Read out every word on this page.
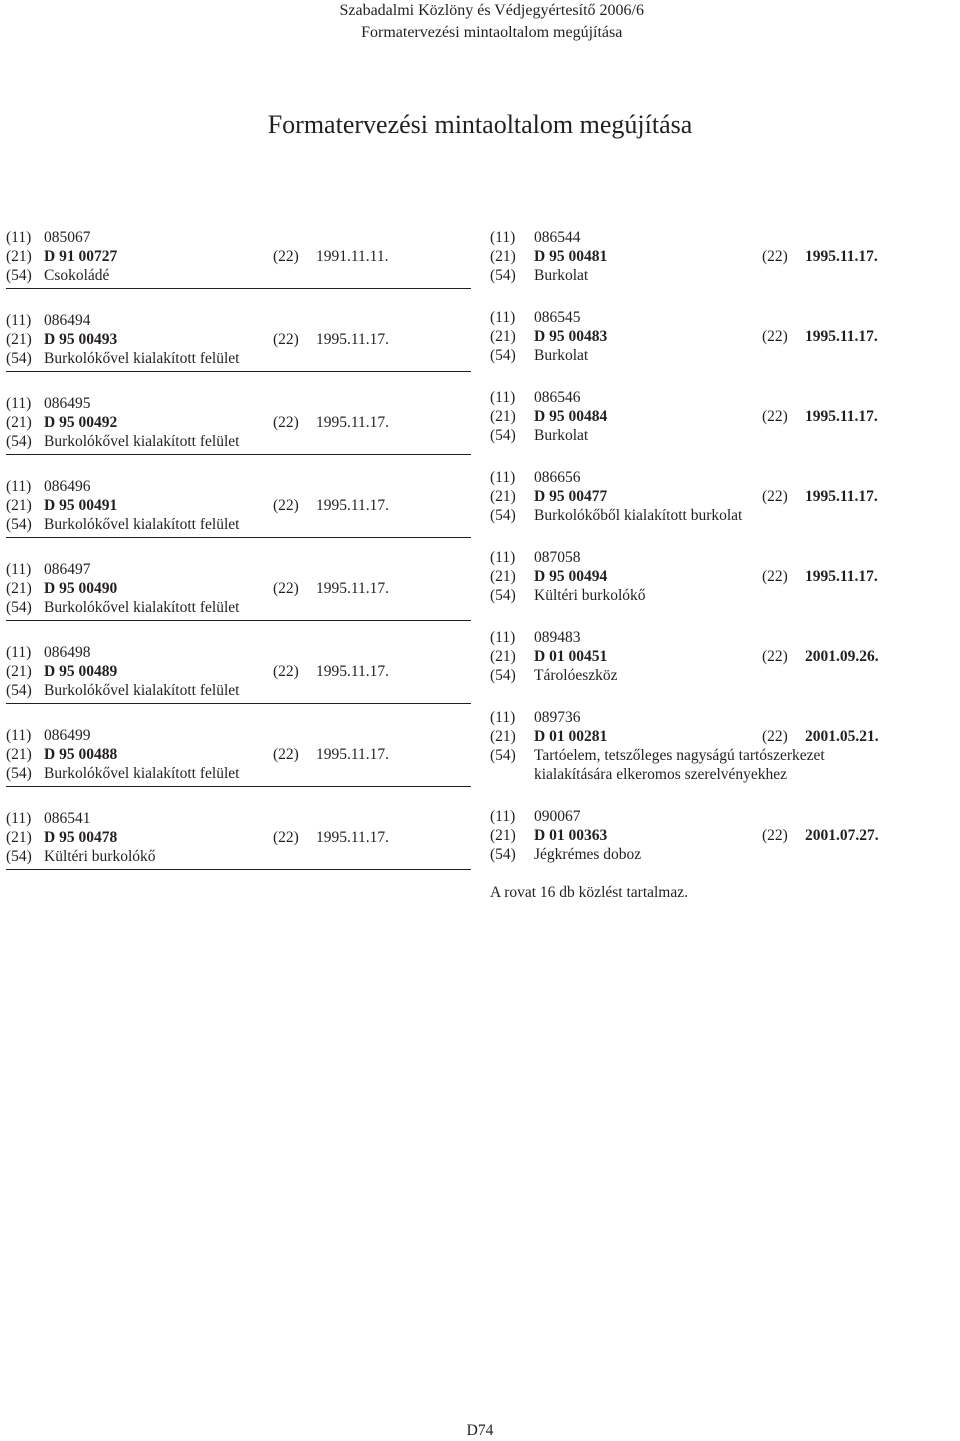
Szabadalmi Közlöny és Védjegyértesítő 2006/6
Formatervezési mintaoltalom megújítása
Formatervezési mintaoltalom megújítása
(11) 085067
(21) D 91 00727	(22) 1991.11.11.
(54) Csokoládé
(11) 086494
(21) D 95 00493	(22) 1995.11.17.
(54) Burkolókővel kialakított felület
(11) 086495
(21) D 95 00492	(22) 1995.11.17.
(54) Burkolókővel kialakított felület
(11) 086496
(21) D 95 00491	(22) 1995.11.17.
(54) Burkolókővel kialakított felület
(11) 086497
(21) D 95 00490	(22) 1995.11.17.
(54) Burkolókővel kialakított felület
(11) 086498
(21) D 95 00489	(22) 1995.11.17.
(54) Burkolókővel kialakított felület
(11) 086499
(21) D 95 00488	(22) 1995.11.17.
(54) Burkolókővel kialakított felület
(11) 086541
(21) D 95 00478	(22) 1995.11.17.
(54) Kültéri burkolókő
(11)	086544
(21)	D 95 00481	(22) 1995.11.17.
(54)	Burkolat
(11)	086545
(21)	D 95 00483	(22) 1995.11.17.
(54)	Burkolat
(11)	086546
(21)	D 95 00484	(22) 1995.11.17.
(54)	Burkolat
(11)	086656
(21)	D 95 00477	(22) 1995.11.17.
(54)	Burkolókőből kialakított burkolat
(11)	087058
(21)	D 95 00494	(22) 1995.11.17.
(54)	Kültéri burkolókő
(11)	089483
(21)	D 01 00451	(22) 2001.09.26.
(54)	Tárolóeszköz
(11)	089736
(21)	D 01 00281	(22) 2001.05.21.
(54)	Tartóelem, tetszőleges nagyságú tartószerkezet kialakítására elkeromos szerelvényekhez
(11)	090067
(21)	D 01 00363	(22) 2001.07.27.
(54)	Jégkrémes doboz
A rovat 16 db közlést tartalmaz.
D74
